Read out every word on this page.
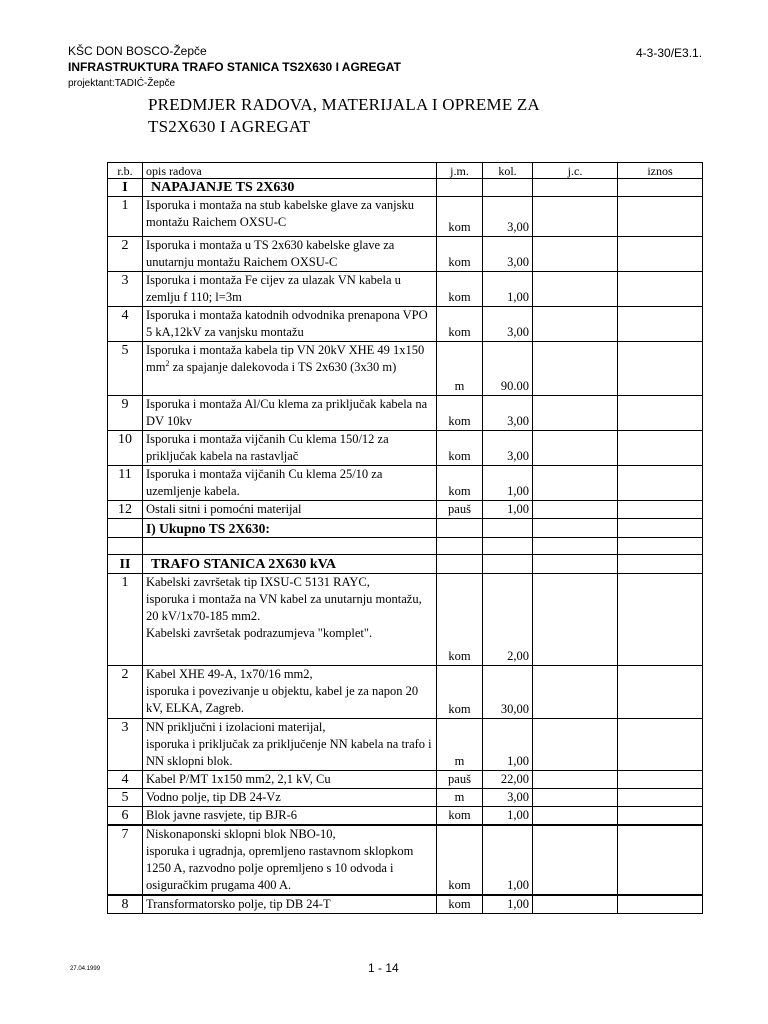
KŠC DON BOSCO-Žepče
INFRASTRUKTURA TRAFO STANICA TS2X630 I AGREGAT
projektant:TADIĆ-Žepče
4-3-30/E3.1.
PREDMJER RADOVA, MATERIJALA I OPREME ZA
TS2X630 I AGREGAT
r.b.	opis radova	j.m.	kol.	j.c.	iznos
I	NAPAJANJE TS 2X630				
1	Isporuka i montaža na stub kabelske glave za vanjsku
montažu Raichem OXSU-C	kom	3,00		
2	Isporuka i montaža u TS 2x630 kabelske glave za
unutarnju montažu Raichem OXSU-C	kom	3,00		
3	Isporuka i montaža Fe cijev za ulazak VN kabela u
zemlju f 110; l=3m	kom	1,00		
4	Isporuka i montaža katodnih odvodnika prenapona VPO
5 kA,12kV za vanjsku montažu	kom	3,00		
5	Isporuka i montaža kabela tip VN 20kV XHE 49 1x150
$mm^2$ za spajanje dalekovoda i TS 2x630 (3x30 m)	m	90.00		
9	Isporuka i montaža Al/Cu klema za priključak kabela na
DV 10kv	kom	3,00		
10	Isporuka i montaža vijčanih Cu klema 150/12 za
priključak kabela na rastavljač	kom	3,00		
11	Isporuka i montaža vijčanih Cu klema 25/10 za
uzemljenje kabela.	kom	1,00		
12	Ostali sitni i pomoćni materijal	pauš	1,00		
	I) Ukupno TS 2X630:				

II	TRAFO STANICA 2X630 kVA				
1	Kabelski završetak tip IXSU-C 5131 RAYC,
isporuka i montaža na VN kabel za unutarnju montažu,
20 kV/1x70-185 mm2.
Kabelski završetak podrazumjeva "komplet".	kom	2,00		
2	Kabel XHE 49-A, 1x70/16 mm2,
isporuka i povezivanje u objektu, kabel je za napon 20
kV, ELKA, Zagreb.	kom	30,00		
3	NN priključni i izolacioni materijal,
isporuka i priključak za priključenje NN kabela na trafo i
NN sklopni blok.	m	1,00		
4	Kabel P/MT 1x150 mm2, 2,1 kV, Cu	pauš	22,00		
5	Vodno polje, tip DB 24-Vz	m	3,00		
6	Blok javne rasvjete, tip BJR-6	kom	1,00		
7	Niskonaponski sklopni blok NBO-10,
isporuka i ugradnja, opremljeno rastavnom sklopkom
1250 A, razvodno polje opremljeno s 10 odvoda i
osiguračkim prugama 400 A.	kom	1,00		
8	Transformatorsko polje, tip DB 24-T	kom	1,00		
27.04.1999	1 - 14
